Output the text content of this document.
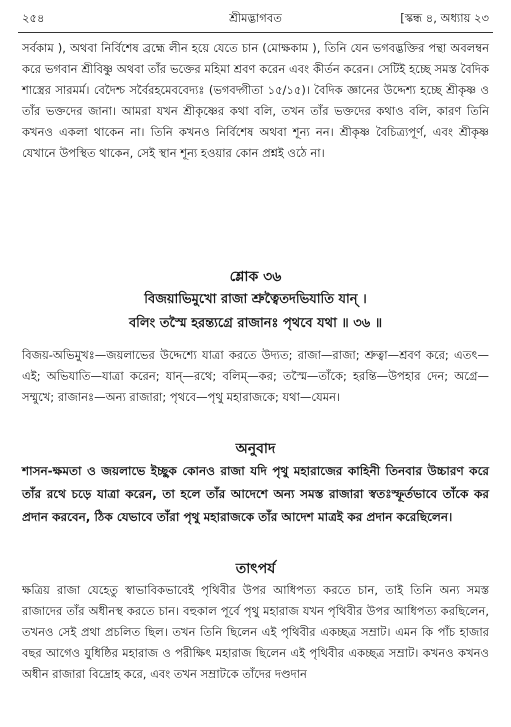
২৫৪	শ্রীমদ্ভাগবত	[স্কন্ধ ৪, অধ্যায় ২৩
সর্বকাম ), অথবা নির্বিশেষ ব্রহ্মে লীন হয়ে যেতে চান (মোক্ষকাম ), তিনি যেন ভগবদ্ভক্তির পন্থা অবলম্বন করে ভগবান শ্রীবিষ্ণু অথবা তাঁর ভক্তের মহিমা শ্রবণ করেন এবং কীর্তন করেন। সেটিই হচ্ছে সমস্ত বৈদিক শাস্ত্রের সারমর্ম। বেদৈশ্চ সর্বৈরহমেববেদ্যঃ (ভগবদ্গীতা ১৫/১৫)। বৈদিক জ্ঞানের উদ্দেশ্য হচ্ছে শ্রীকৃষ্ণ ও তাঁর ভক্তদের জানা। আমরা যখন শ্রীকৃষ্ণের কথা বলি, তখন তাঁর ভক্তদের কথাও বলি, কারণ তিনি কখনও একলা থাকেন না। তিনি কখনও নির্বিশেষ অথবা শূন্য নন। শ্রীকৃষ্ণ বৈচিত্র্যপূর্ণ, এবং শ্রীকৃষ্ণ যেখানে উপস্থিত থাকেন, সেই স্থান শূন্য হওয়ার কোন প্রশ্নই ওঠে না।
শ্লোক ৩৬
বিজয়াভিমুখো রাজা শ্রুত্বৈতদভিযাতি যান্ ।
বলিং তস্মৈ হরন্ত্যগ্রে রাজানঃ পৃথবে যথা ॥ ৩৬ ॥
বিজয়-অভিমুখঃ—জয়লাভের উদ্দেশ্যে যাত্রা করতে উদ্যত; রাজা—রাজা; শ্রুত্বা—শ্রবণ করে; এতৎ—এই; অভিযাতি—যাত্রা করেন; যান্—রথে; বলিম্—কর; তস্মৈ—তাঁকে; হরন্তি—উপহার দেন; অগ্রে—সম্মুখে; রাজানঃ—অন্য রাজারা; পৃথবে—পৃথু মহারাজকে; যথা—যেমন।
অনুবাদ
শাসন-ক্ষমতা ও জয়লাভে ইচ্ছুক কোনও রাজা যদি পৃথু মহারাজের কাহিনী তিনবার উচ্চারণ করে তাঁর রথে চড়ে যাত্রা করেন, তা হলে তাঁর আদেশে অন্য সমস্ত রাজারা স্বতঃস্ফূর্তভাবে তাঁকে কর প্রদান করবেন, ঠিক যেভাবে তাঁরা পৃথু মহারাজকে তাঁর আদেশ মাত্রই কর প্রদান করেছিলেন।
তাৎপর্য
ক্ষত্রিয় রাজা যেহেতু স্বাভাবিকভাবেই পৃথিবীর উপর আধিপত্য করতে চান, তাই তিনি অন্য সমস্ত রাজাদের তাঁর অধীনস্থ করতে চান। বহুকাল পূর্বে পৃথু মহারাজ যখন পৃথিবীর উপর আধিপত্য করছিলেন, তখনও সেই প্রথা প্রচলিত ছিল। তখন তিনি ছিলেন এই পৃথিবীর একচ্ছত্র সম্রাট। এমন কি পাঁচ হাজার বছর আগেও যুধিষ্ঠির মহারাজ ও পরীক্ষিৎ মহারাজ ছিলেন এই পৃথিবীর একচ্ছত্র সম্রাট। কখনও কখনও অধীন রাজারা বিদ্রোহ করে, এবং তখন সম্রাটকে তাঁদের দণ্ডদান
